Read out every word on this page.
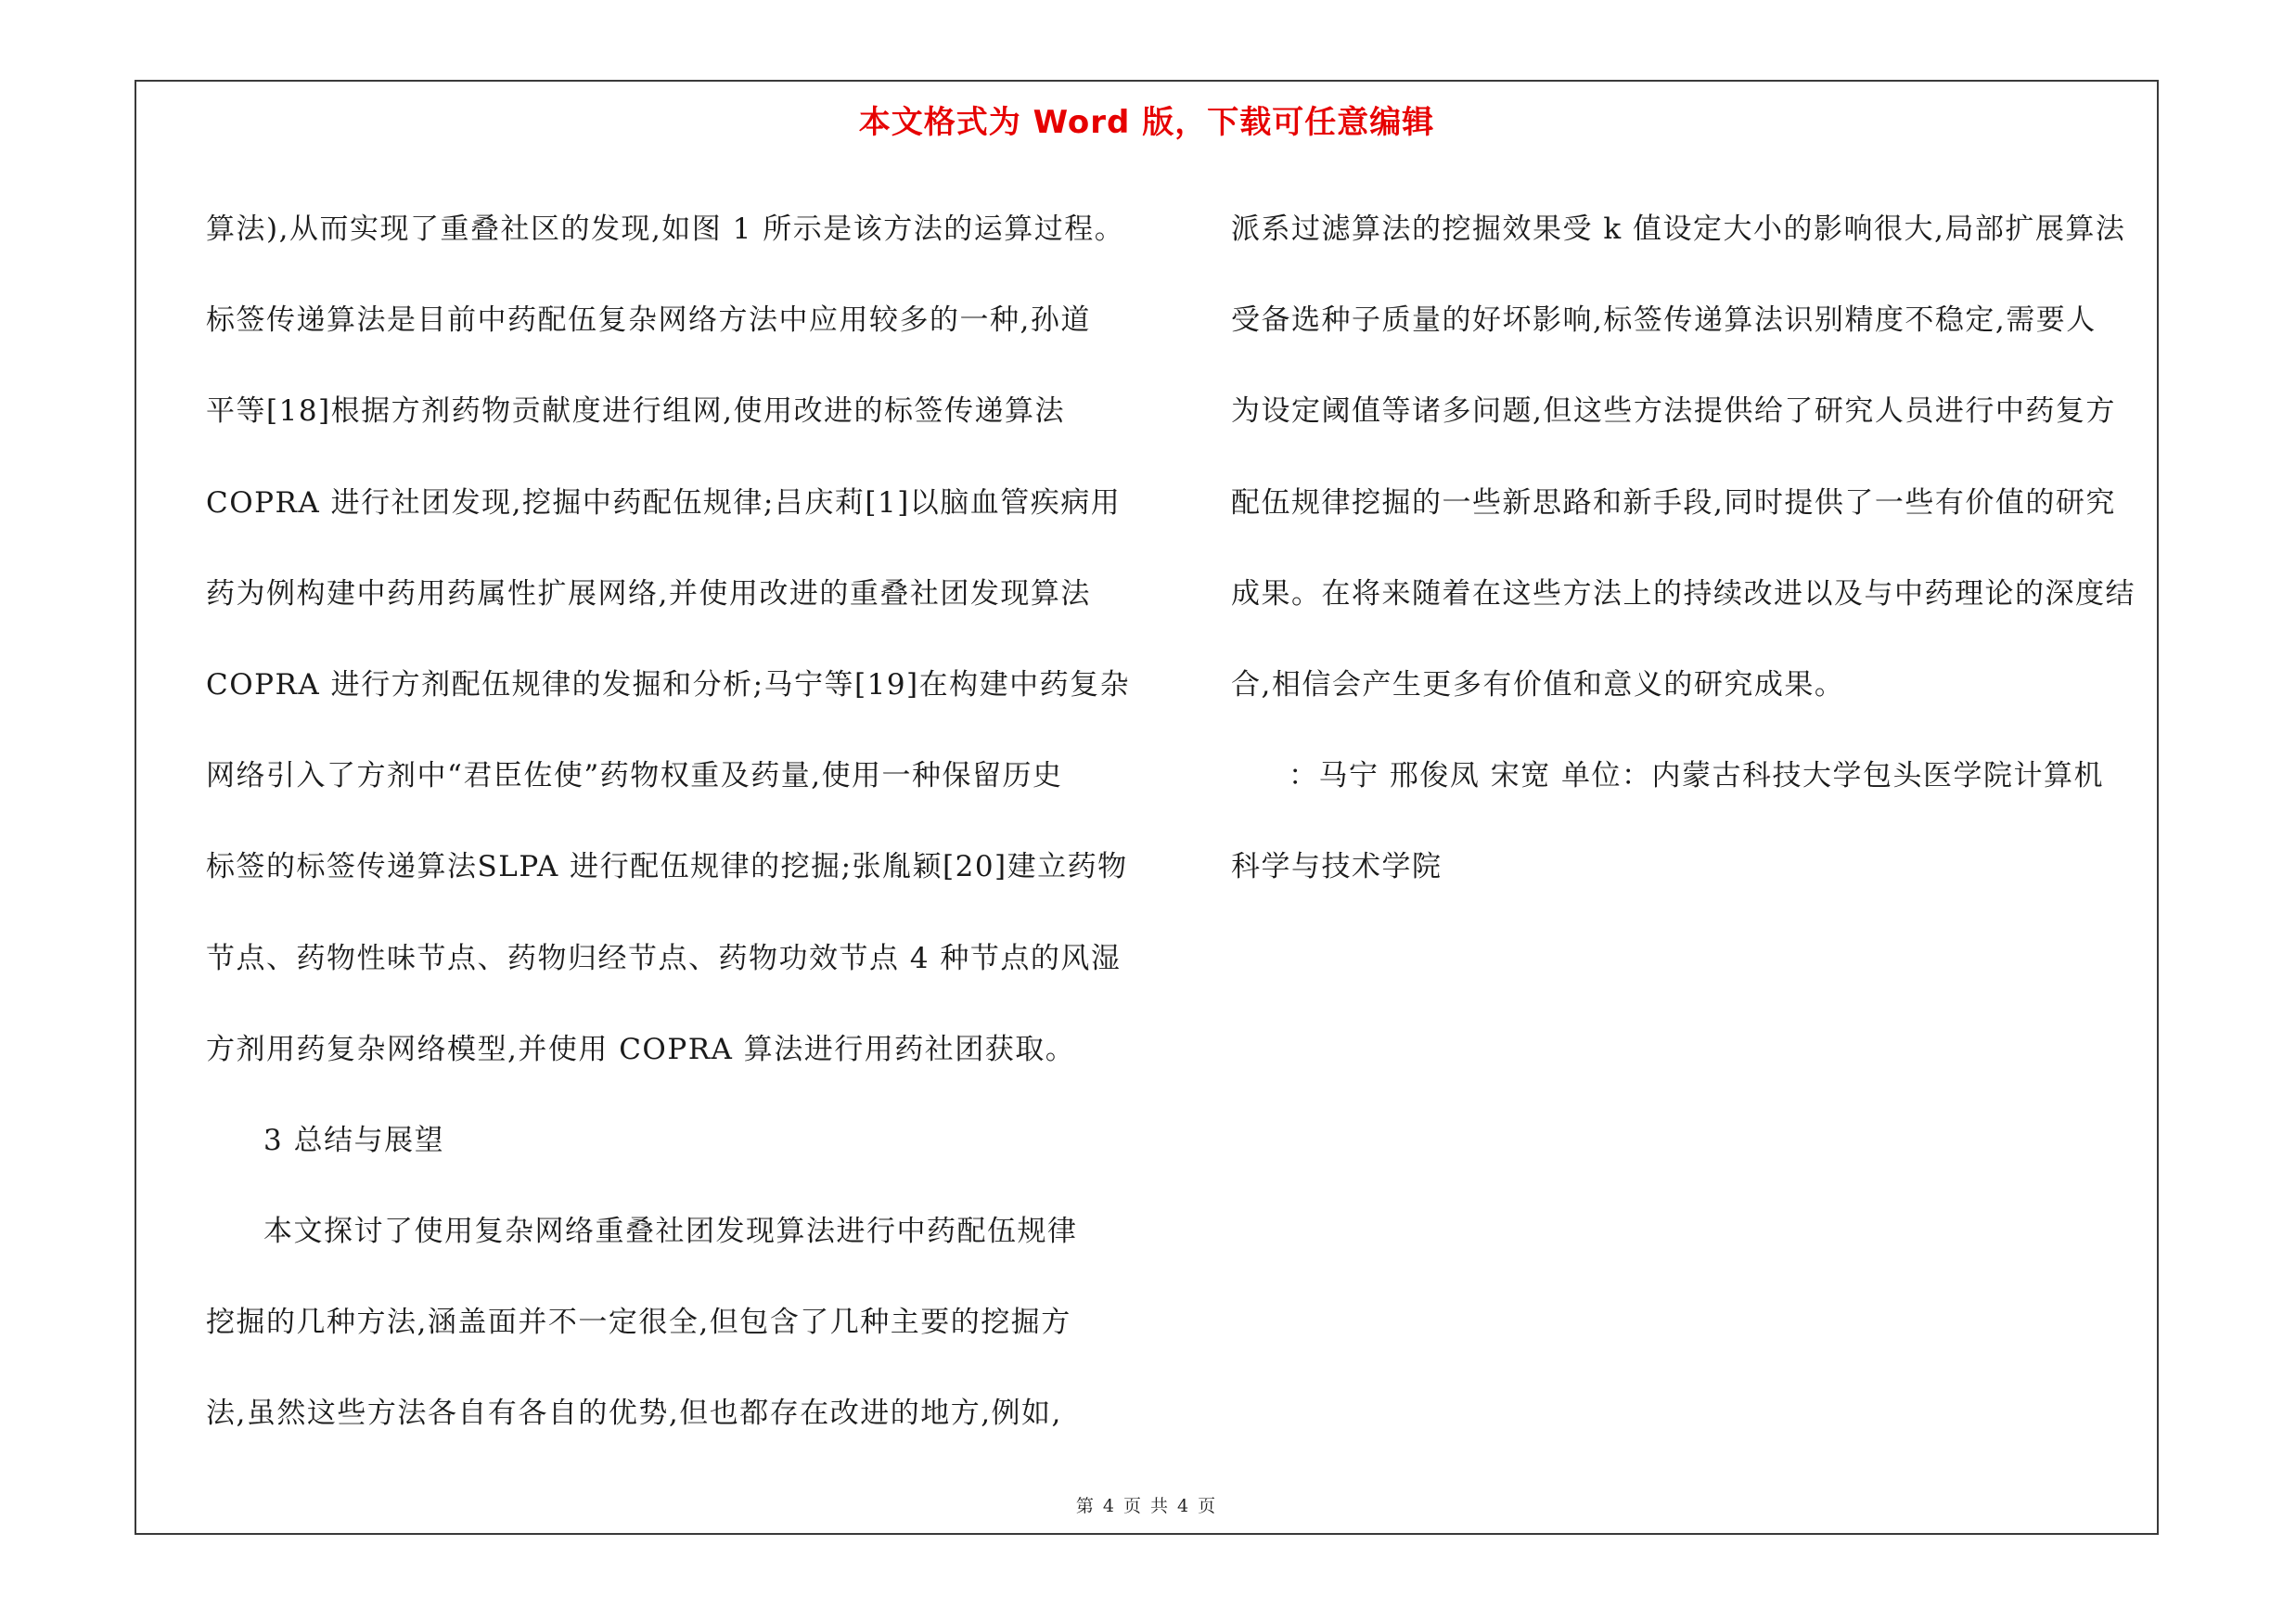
本文格式为 Word 版，下载可任意编辑
算法),从而实现了重叠社区的发现,如图 1 所示是该方法的运算过程。
标签传递算法是目前中药配伍复杂网络方法中应用较多的一种,孙道
平等[18]根据方剂药物贡献度进行组网,使用改进的标签传递算法
COPRA 进行社团发现,挖掘中药配伍规律;吕庆莉[1]以脑血管疾病用
药为例构建中药用药属性扩展网络,并使用改进的重叠社团发现算法
COPRA 进行方剂配伍规律的发掘和分析;马宁等[19]在构建中药复杂
网络引入了方剂中“君臣佐使”药物权重及药量,使用一种保留历史
标签的标签传递算法SLPA 进行配伍规律的挖掘;张胤颖[20]建立药物
节点、药物性味节点、药物归经节点、药物功效节点 4 种节点的风湿
方剂用药复杂网络模型,并使用 COPRA 算法进行用药社团获取。
3 总结与展望
本文探讨了使用复杂网络重叠社团发现算法进行中药配伍规律
挖掘的几种方法,涵盖面并不一定很全,但包含了几种主要的挖掘方
法,虽然这些方法各自有各自的优势,但也都存在改进的地方,例如,
派系过滤算法的挖掘效果受 k 值设定大小的影响很大,局部扩展算法
受备选种子质量的好坏影响,标签传递算法识别精度不稳定,需要人
为设定阈值等诸多问题,但这些方法提供给了研究人员进行中药复方
配伍规律挖掘的一些新思路和新手段,同时提供了一些有价值的研究
成果。在将来随着在这些方法上的持续改进以及与中药理论的深度结
合,相信会产生更多有价值和意义的研究成果。
：马宁 邢俊凤 宋宽 单位：内蒙古科技大学包头医学院计算机
科学与技术学院
第 4 页 共 4 页
